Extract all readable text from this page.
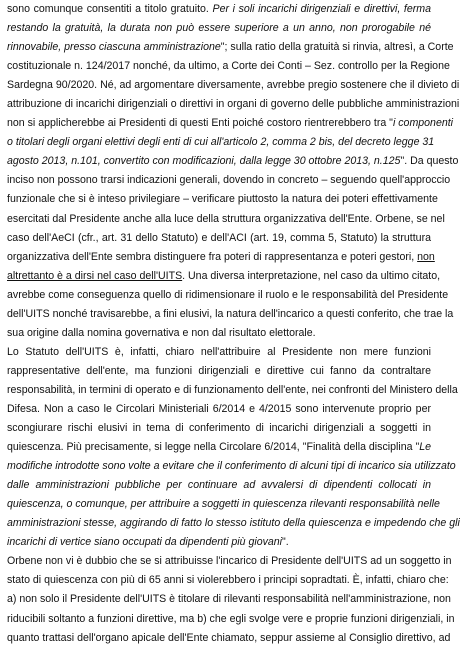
sono comunque consentiti a titolo gratuito. Per i soli incarichi dirigenziali e direttivi, ferma
restando la gratuità, la durata non può essere superiore a un anno, non prorogabile né
rinnovabile, presso ciascuna amministrazione"; sulla ratio della gratuità si rinvia, altresì, a Corte
costituzionale n. 124/2017 nonché, da ultimo, a Corte dei Conti – Sez. controllo per la Regione
Sardegna 90/2020. Né, ad argomentare diversamente, avrebbe pregio sostenere che il divieto di
attribuzione di incarichi dirigenziali o direttivi in organi di governo delle pubbliche amministrazioni
non si applicherebbe ai Presidenti di questi Enti poiché costoro rientrerebbero tra "i componenti
o titolari degli organi elettivi degli enti di cui all'articolo 2, comma 2 bis, del decreto legge 31
agosto 2013, n.101, convertito con modificazioni, dalla legge 30 ottobre 2013, n.125". Da questo
inciso non possono trarsi indicazioni generali, dovendo in concreto – seguendo quell'approccio
funzionale che si è inteso privilegiare – verificare piuttosto la natura dei poteri effettivamente
esercitati dal Presidente anche alla luce della struttura organizzativa dell'Ente. Orbene, se nel
caso dell'AeCI (cfr., art. 31 dello Statuto) e dell'ACI (art. 19, comma 5, Statuto) la struttura
organizzativa dell'Ente sembra distinguere fra poteri di rappresentanza e poteri gestori, non
altrettanto è a dirsi nel caso dell'UITS. Una diversa interpretazione, nel caso da ultimo citato,
avrebbe come conseguenza quello di ridimensionare il ruolo e le responsabilità del Presidente
dell'UITS nonché travisarebbe, a fini elusivi, la natura dell'incarico a questi conferito, che trae la
sua origine dalla nomina governativa e non dal risultato elettorale.
Lo Statuto dell'UITS è, infatti, chiaro nell'attribuire al Presidente non mere funzioni
rappresentative dell'ente, ma funzioni dirigenziali e direttive cui fanno da contraltare
responsabilità, in termini di operato e di funzionamento dell'ente, nei confronti del Ministero della
Difesa. Non a caso le Circolari Ministeriali 6/2014 e 4/2015 sono intervenute proprio per
scongiurare rischi elusivi in tema di conferimento di incarichi dirigenziali a soggetti in
quiescenza. Più precisamente, si legge nella Circolare 6/2014, "Finalità della disciplina "Le
modifiche introdotte sono volte a evitare che il conferimento di alcuni tipi di incarico sia utilizzato
dalle amministrazioni pubbliche per continuare ad avvalersi di dipendenti collocati in
quiescenza, o comunque, per attribuire a soggetti in quiescenza rilevanti responsabilità nelle
amministrazioni stesse, aggirando di fatto lo stesso istituto della quiescenza e impedendo che gli
incarichi di vertice siano occupati da dipendenti più giovani".
Orbene non vi è dubbio che se si attribuisse l'incarico di Presidente dell'UITS ad un soggetto in
stato di quiescenza con più di 65 anni si violerebbero i principi sopradtati. È, infatti, chiaro che:
a) non solo il Presidente dell'UITS è titolare di rilevanti responsabilità nell'amministrazione, non
riducibili soltanto a funzioni direttive, ma b) che egli svolge vere e proprie funzioni dirigenziali, in
quanto trattasi dell'organo apicale dell'Ente chiamato, seppur assieme al Consiglio direttivo, ad
